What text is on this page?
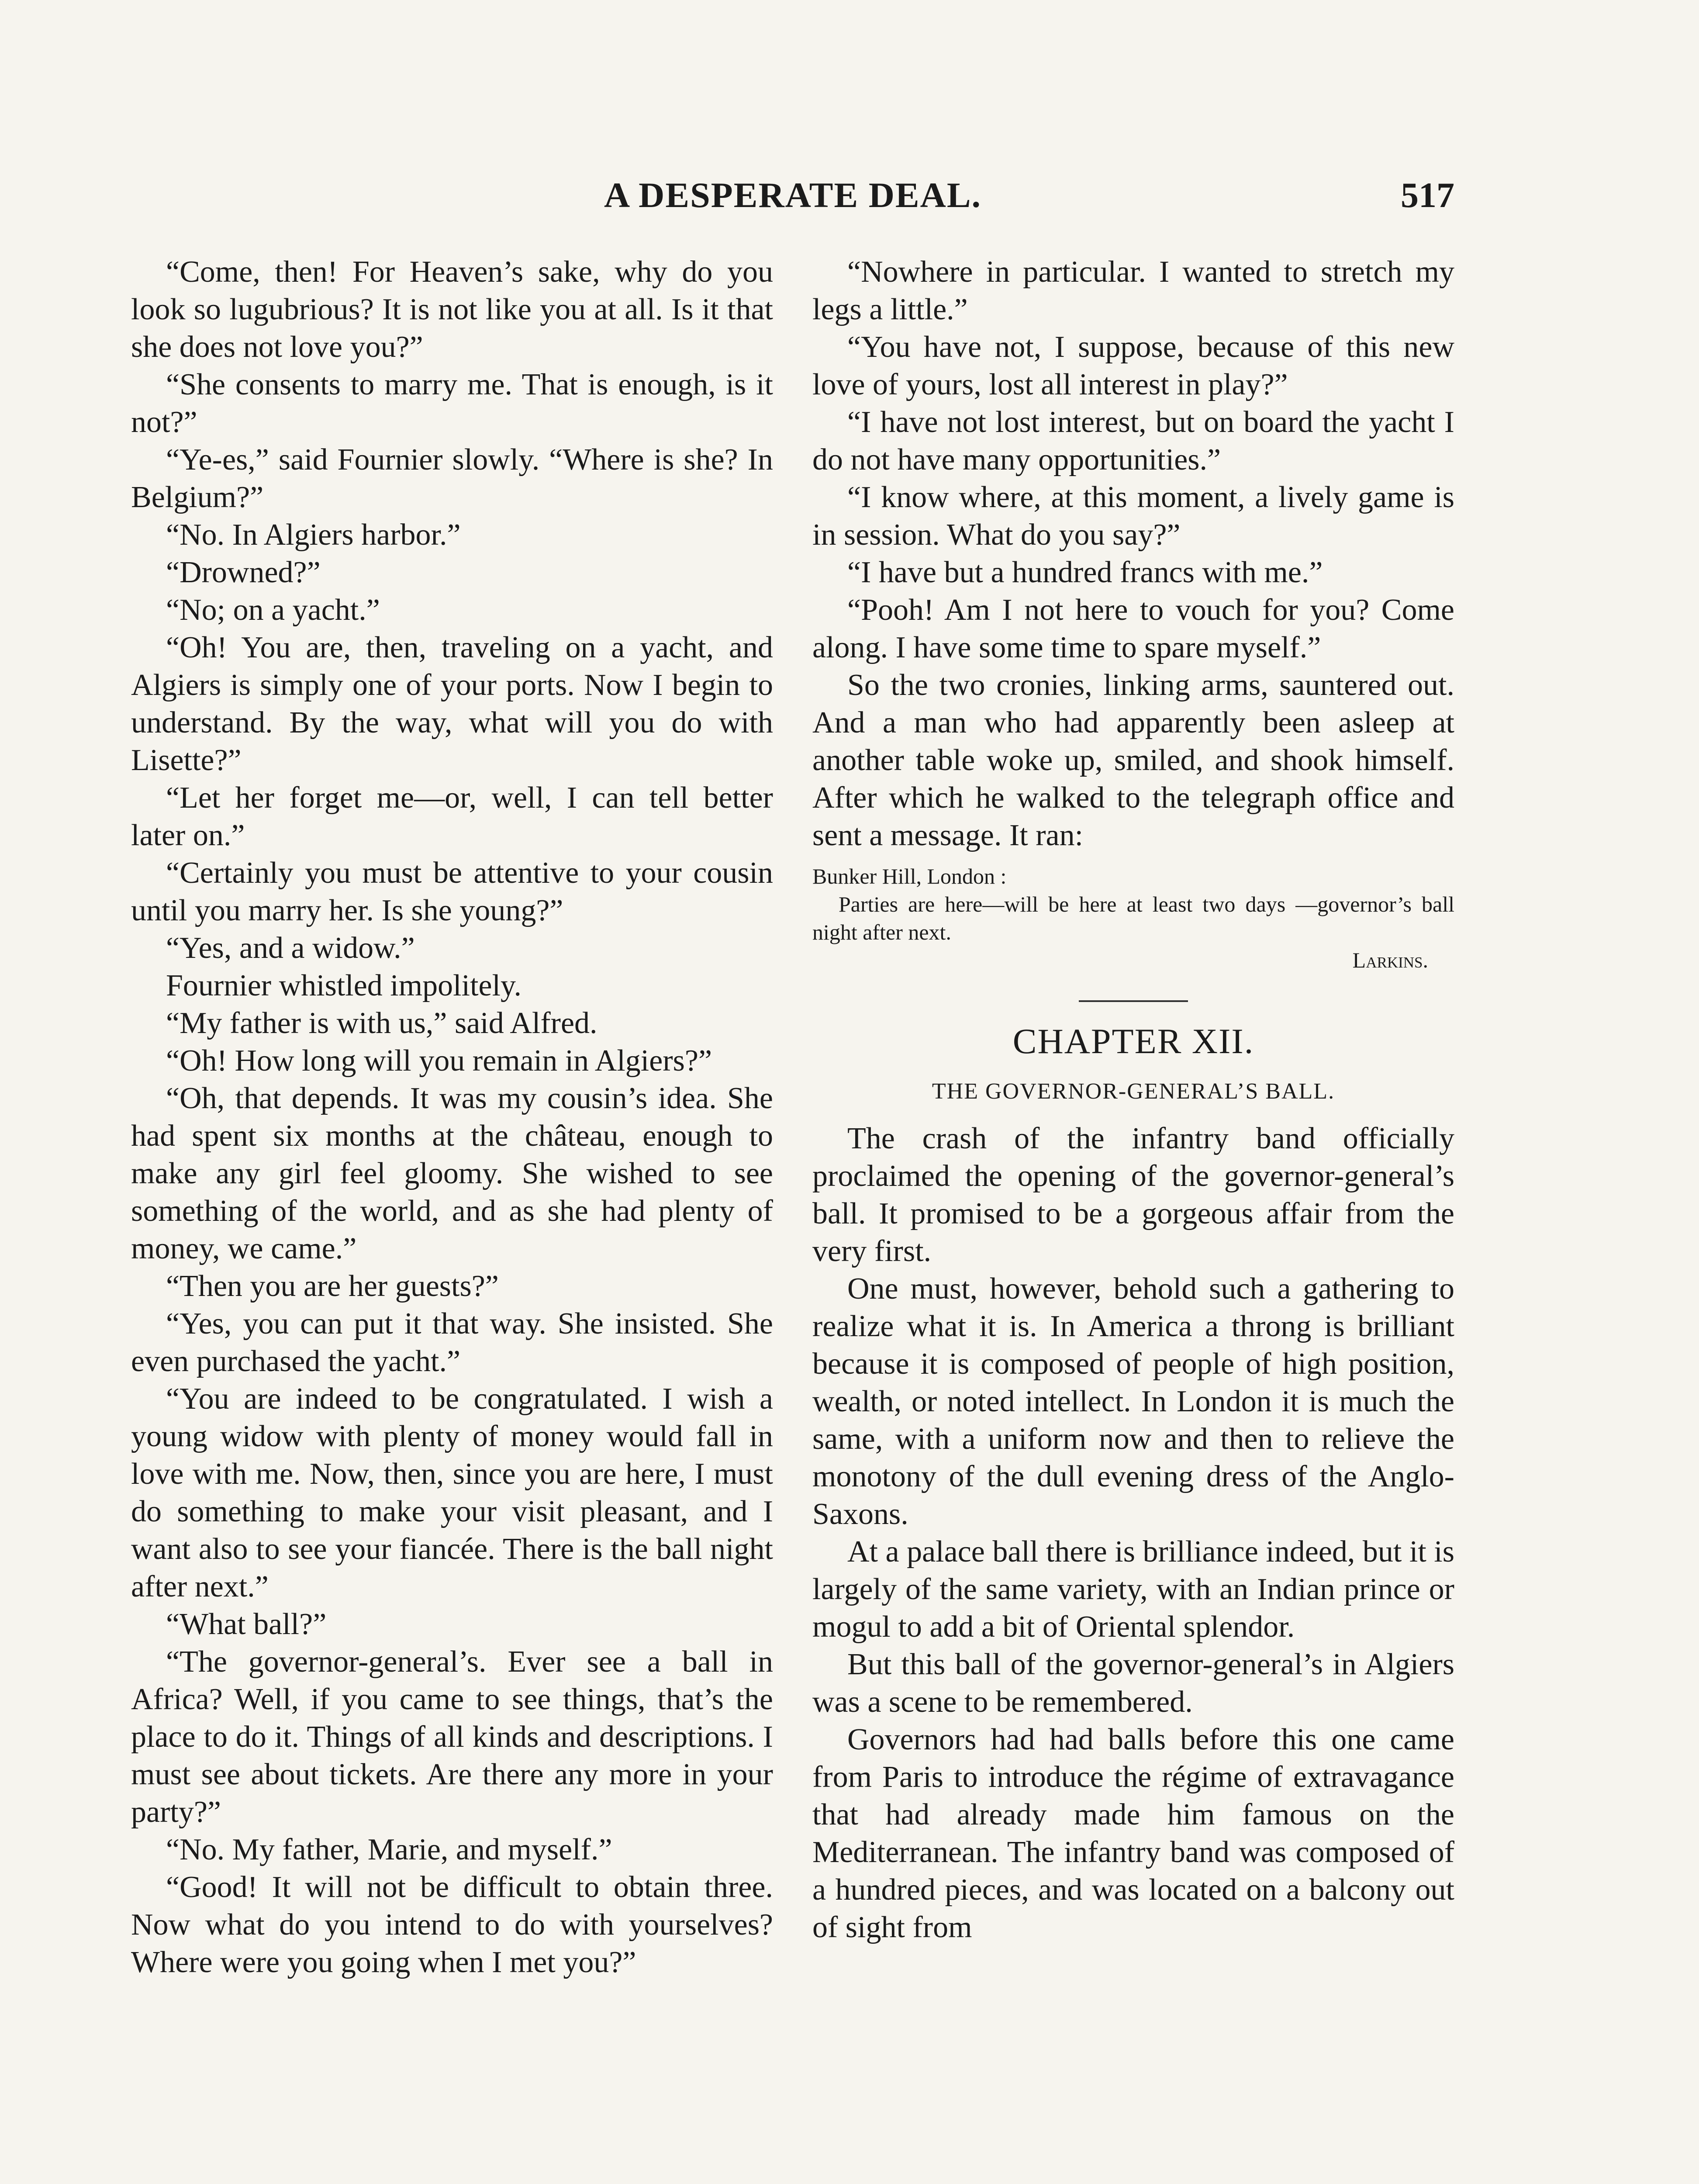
A DESPERATE DEAL.	517

“Come, then! For Heaven’s sake, why do you look so lugubrious? It is not like you at all. Is it that she does not love you?”

“She consents to marry me. That is enough, is it not?”

“Ye-es,” said Fournier slowly. “Where is she? In Belgium?”

“No. In Algiers harbor.”

“Drowned?”

“No; on a yacht.”

“Oh! You are, then, traveling on a yacht, and Algiers is simply one of your ports. Now I begin to understand. By the way, what will you do with Lisette?”

“Let her forget me—or, well, I can tell better later on.”

“Certainly you must be attentive to your cousin until you marry her. Is she young?”

“Yes, and a widow.”

Fournier whistled impolitely.

“My father is with us,” said Alfred.

“Oh! How long will you remain in Algiers?”

“Oh, that depends. It was my cousin’s idea. She had spent six months at the château, enough to make any girl feel gloomy. She wished to see something of the world, and as she had plenty of money, we came.”

“Then you are her guests?”

“Yes, you can put it that way. She insisted. She even purchased the yacht.”

“You are indeed to be congratulated. I wish a young widow with plenty of money would fall in love with me. Now, then, since you are here, I must do something to make your visit pleasant, and I want also to see your fiancée. There is the ball night after next.”

“What ball?”

“The governor-general’s. Ever see a ball in Africa? Well, if you came to see things, that’s the place to do it. Things of all kinds and descriptions. I must see about tickets. Are there any more in your party?”

“No. My father, Marie, and myself.”

“Good! It will not be difficult to obtain three. Now what do you intend to do with yourselves? Where were you going when I met you?”

“Nowhere in particular. I wanted to stretch my legs a little.”

“You have not, I suppose, because of this new love of yours, lost all interest in play?”

“I have not lost interest, but on board the yacht I do not have many opportunities.”

“I know where, at this moment, a lively game is in session. What do you say?”

“I have but a hundred francs with me.”

“Pooh! Am I not here to vouch for you? Come along. I have some time to spare myself.”

So the two cronies, linking arms, sauntered out. And a man who had apparently been asleep at another table woke up, smiled, and shook himself. After which he walked to the telegraph office and sent a message. It ran:

Bunker Hill, London :

Parties are here—will be here at least two days —governor’s ball night after next.

Larkins.

CHAPTER XII.
THE GOVERNOR-GENERAL’S BALL.

The crash of the infantry band officially proclaimed the opening of the governor-general’s ball. It promised to be a gorgeous affair from the very first.

One must, however, behold such a gathering to realize what it is. In America a throng is brilliant because it is composed of people of high position, wealth, or noted intellect. In London it is much the same, with a uniform now and then to relieve the monotony of the dull evening dress of the Anglo-Saxons.

At a palace ball there is brilliance indeed, but it is largely of the same variety, with an Indian prince or mogul to add a bit of Oriental splendor.

But this ball of the governor-general’s in Algiers was a scene to be remembered.

Governors had had balls before this one came from Paris to introduce the régime of extravagance that had already made him famous on the Mediterranean. The infantry band was composed of a hundred pieces, and was located on a balcony out of sight from
